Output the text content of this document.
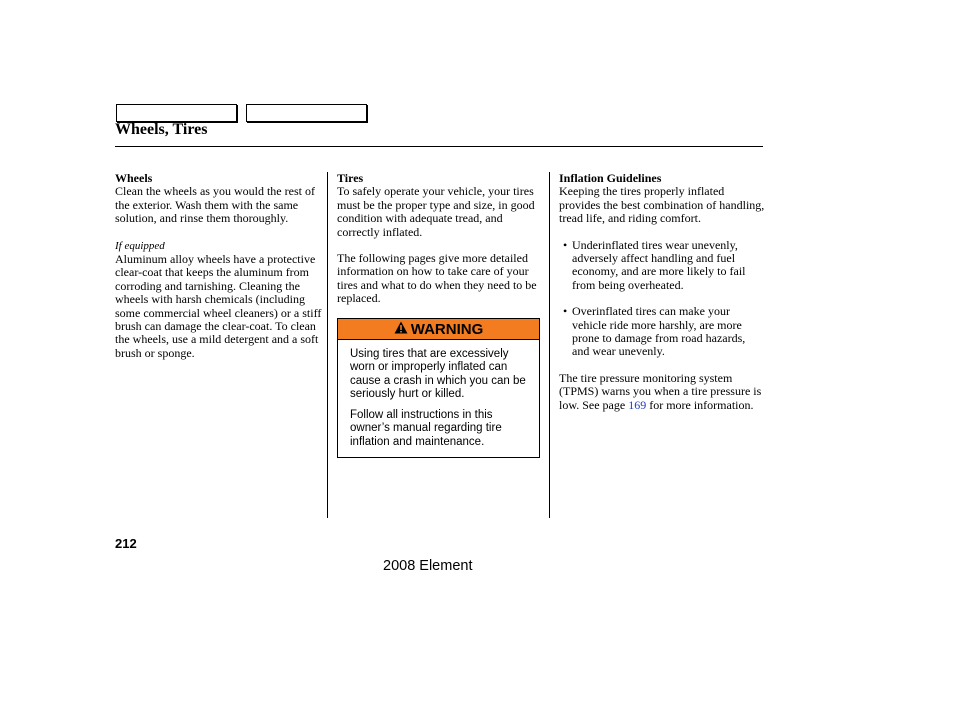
Wheels, Tires
Wheels
Clean the wheels as you would the rest of the exterior. Wash them with the same solution, and rinse them thoroughly.
If equipped
Aluminum alloy wheels have a protective clear-coat that keeps the aluminum from corroding and tarnishing. Cleaning the wheels with harsh chemicals (including some commercial wheel cleaners) or a stiff brush can damage the clear-coat. To clean the wheels, use a mild detergent and a soft brush or sponge.
Tires
To safely operate your vehicle, your tires must be the proper type and size, in good condition with adequate tread, and correctly inflated.
The following pages give more detailed information on how to take care of your tires and what to do when they need to be replaced.
WARNING

Using tires that are excessively worn or improperly inflated can cause a crash in which you can be seriously hurt or killed.

Follow all instructions in this owner’s manual regarding tire inflation and maintenance.

Inflation Guidelines
Keeping the tires properly inflated provides the best combination of handling, tread life, and riding comfort.
• Underinflated tires wear unevenly, adversely affect handling and fuel economy, and are more likely to fail from being overheated.
• Overinflated tires can make your vehicle ride more harshly, are more prone to damage from road hazards, and wear unevenly.
The tire pressure monitoring system (TPMS) warns you when a tire pressure is low. See page 169 for more information.
212
2008 Element
